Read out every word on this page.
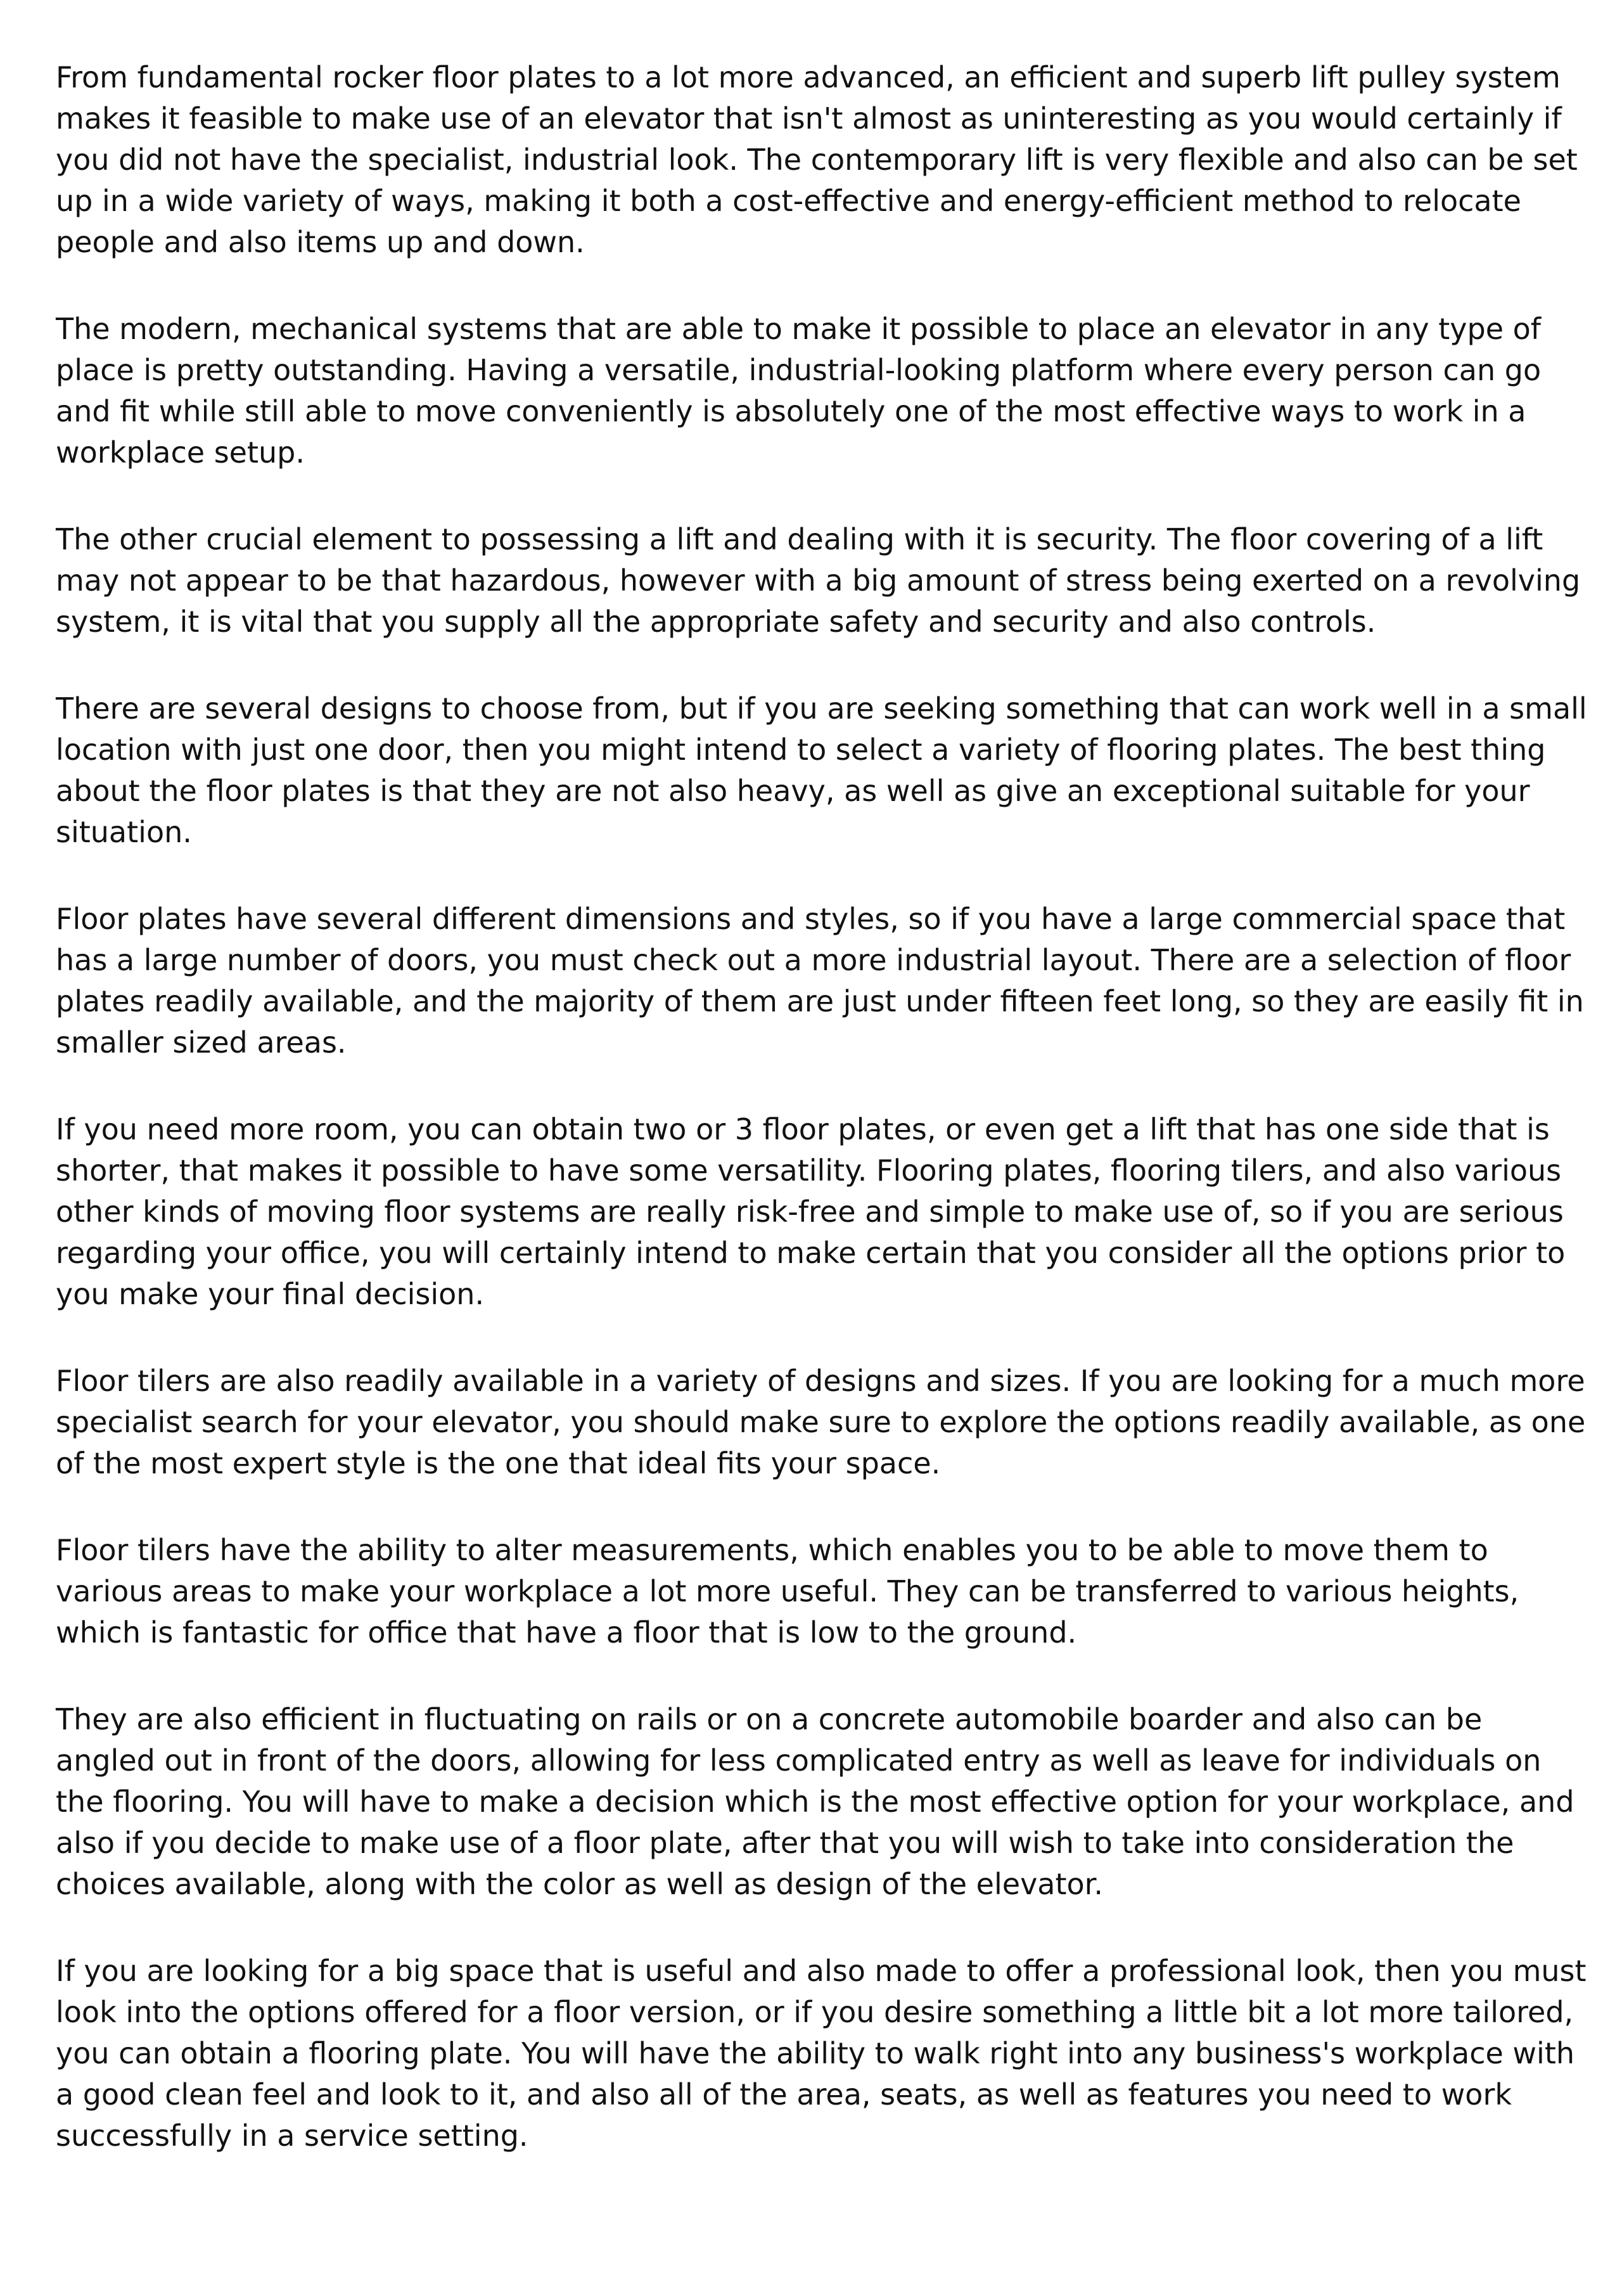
From fundamental rocker floor plates to a lot more advanced, an efficient and superb lift pulley system makes it feasible to make use of an elevator that isn't almost as uninteresting as you would certainly if you did not have the specialist, industrial look. The contemporary lift is very flexible and also can be set up in a wide variety of ways, making it both a cost-effective and energy-efficient method to relocate people and also items up and down.

The modern, mechanical systems that are able to make it possible to place an elevator in any type of place is pretty outstanding. Having a versatile, industrial-looking platform where every person can go and fit while still able to move conveniently is absolutely one of the most effective ways to work in a workplace setup.

The other crucial element to possessing a lift and dealing with it is security. The floor covering of a lift may not appear to be that hazardous, however with a big amount of stress being exerted on a revolving system, it is vital that you supply all the appropriate safety and security and also controls.

There are several designs to choose from, but if you are seeking something that can work well in a small location with just one door, then you might intend to select a variety of flooring plates. The best thing about the floor plates is that they are not also heavy, as well as give an exceptional suitable for your situation.

Floor plates have several different dimensions and styles, so if you have a large commercial space that has a large number of doors, you must check out a more industrial layout. There are a selection of floor plates readily available, and the majority of them are just under fifteen feet long, so they are easily fit in smaller sized areas.

If you need more room, you can obtain two or 3 floor plates, or even get a lift that has one side that is shorter, that makes it possible to have some versatility. Flooring plates, flooring tilers, and also various other kinds of moving floor systems are really risk-free and simple to make use of, so if you are serious regarding your office, you will certainly intend to make certain that you consider all the options prior to you make your final decision.

Floor tilers are also readily available in a variety of designs and sizes. If you are looking for a much more specialist search for your elevator, you should make sure to explore the options readily available, as one of the most expert style is the one that ideal fits your space.

Floor tilers have the ability to alter measurements, which enables you to be able to move them to various areas to make your workplace a lot more useful. They can be transferred to various heights, which is fantastic for office that have a floor that is low to the ground.

They are also efficient in fluctuating on rails or on a concrete automobile boarder and also can be angled out in front of the doors, allowing for less complicated entry as well as leave for individuals on the flooring. You will have to make a decision which is the most effective option for your workplace, and also if you decide to make use of a floor plate, after that you will wish to take into consideration the choices available, along with the color as well as design of the elevator.

If you are looking for a big space that is useful and also made to offer a professional look, then you must look into the options offered for a floor version, or if you desire something a little bit a lot more tailored, you can obtain a flooring plate. You will have the ability to walk right into any business's workplace with a good clean feel and look to it, and also all of the area, seats, as well as features you need to work successfully in a service setting.
